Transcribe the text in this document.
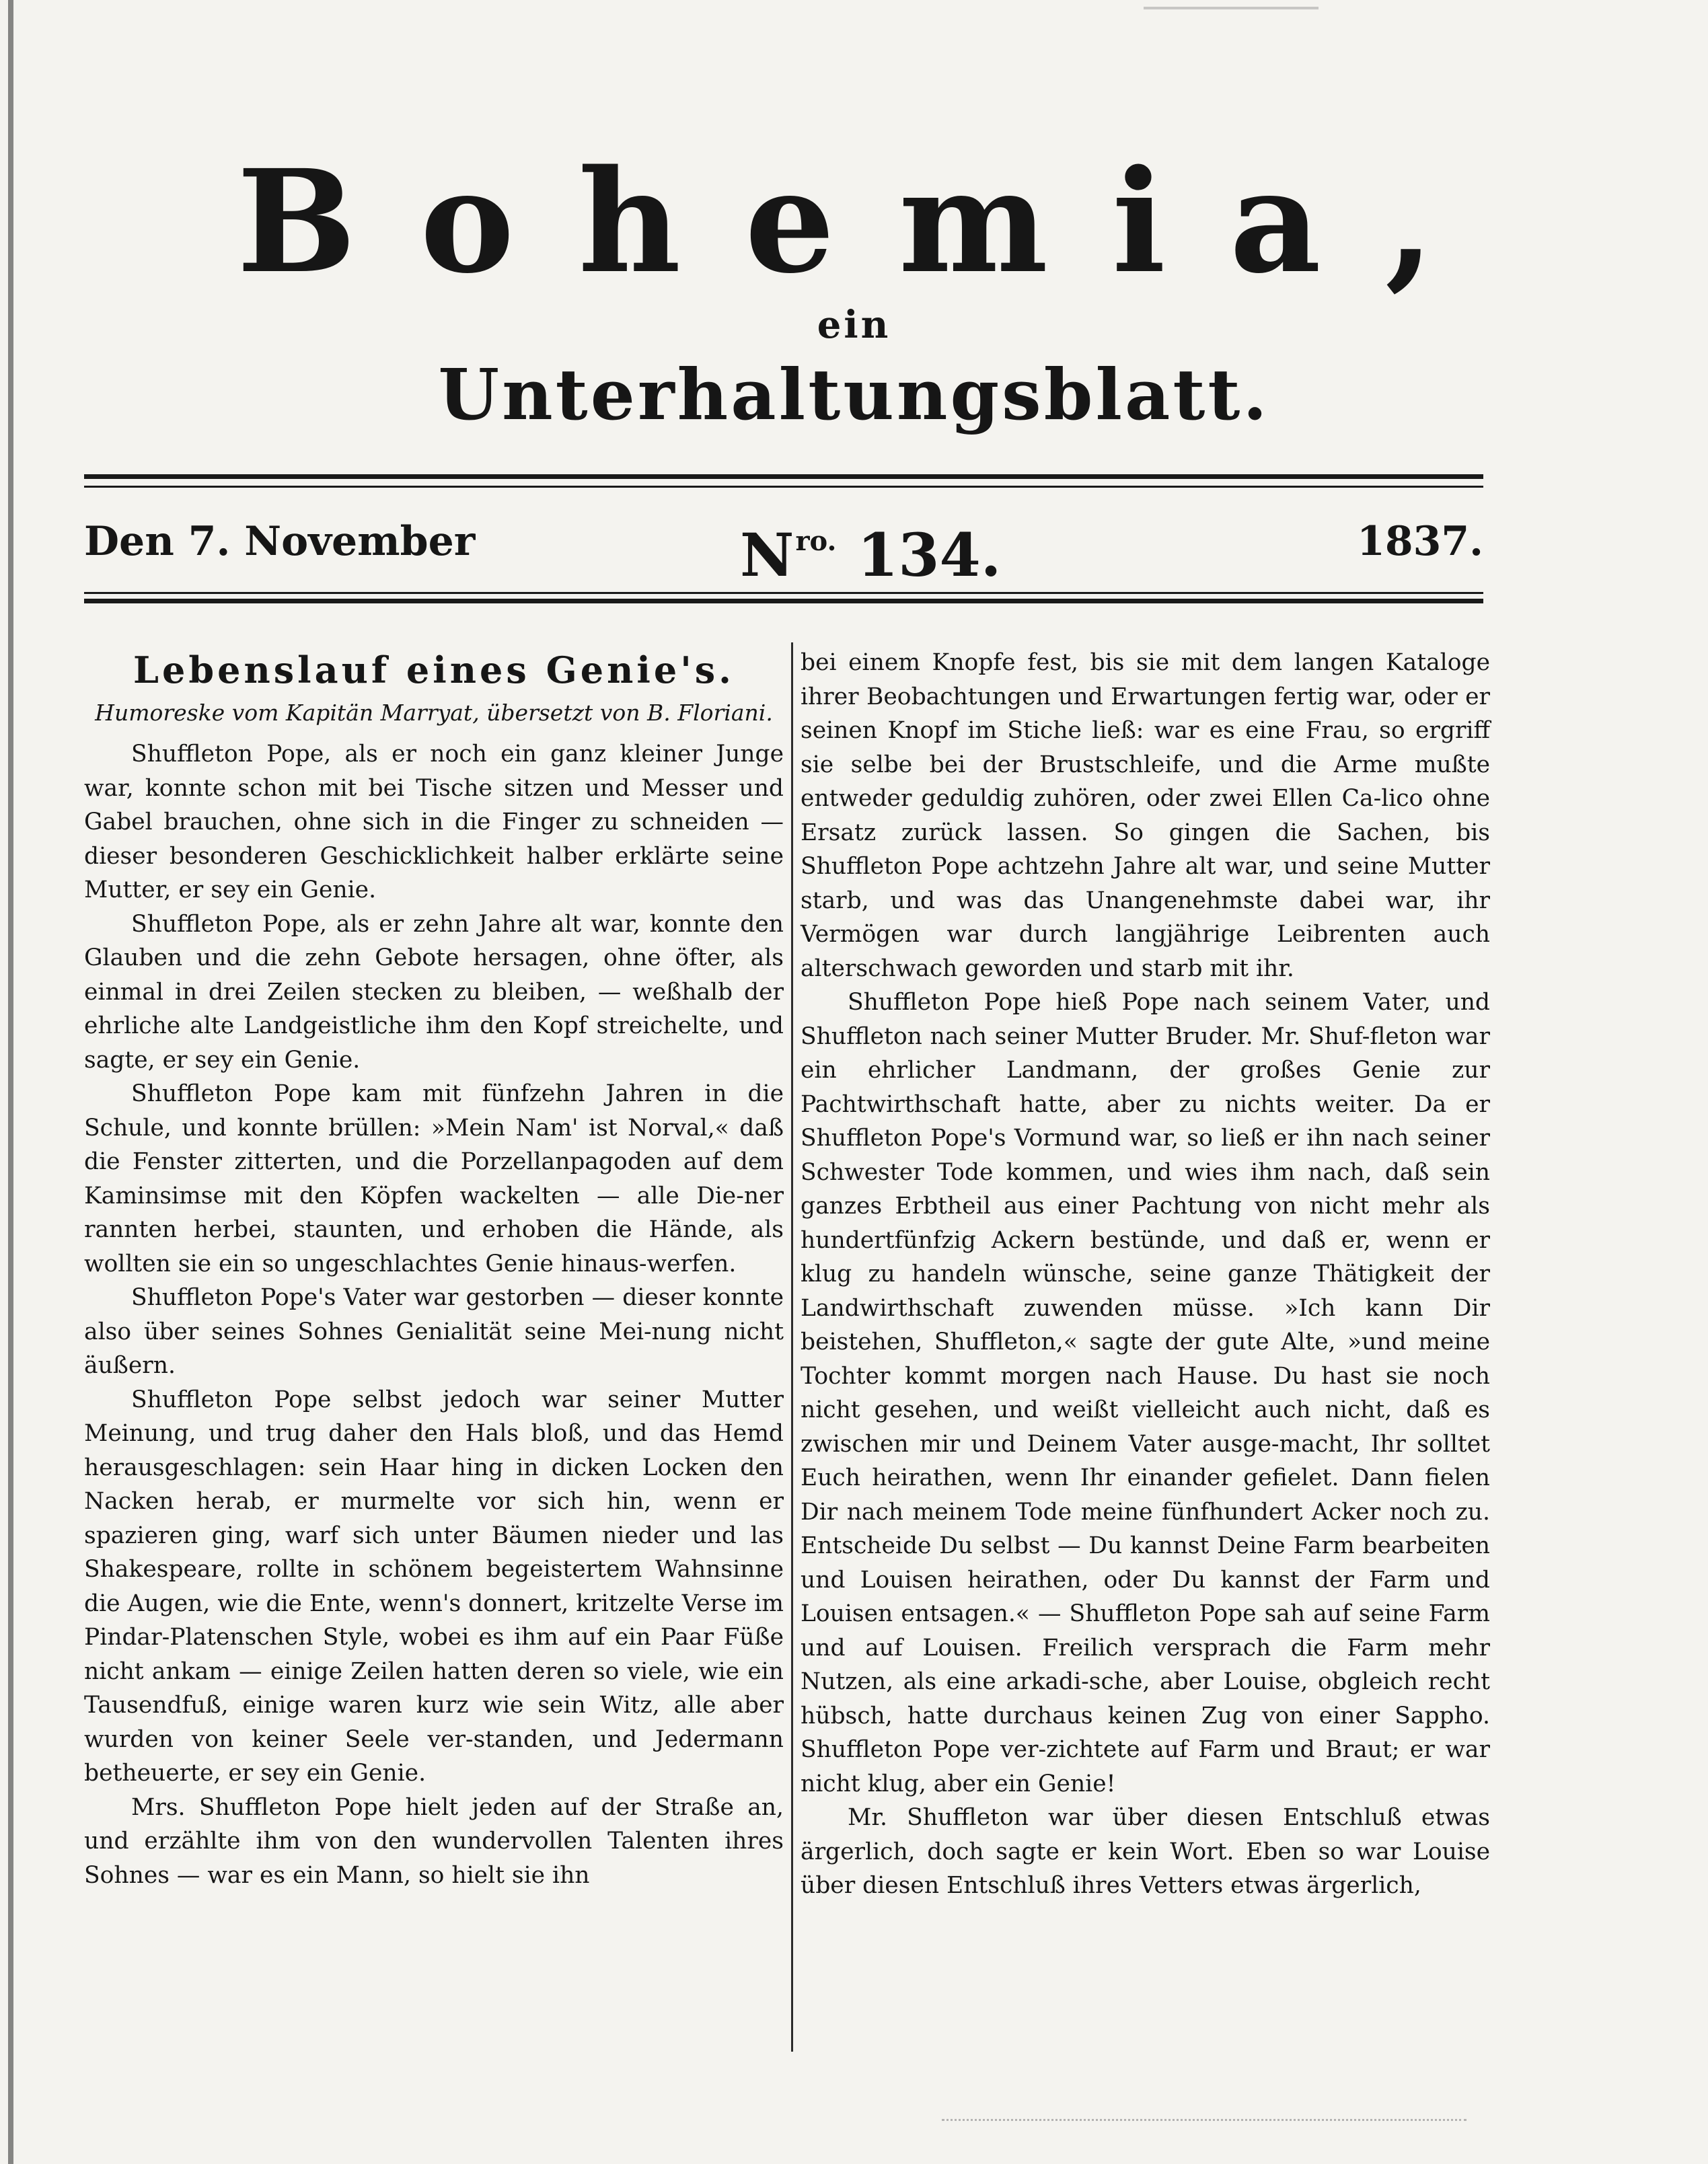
Bohemia,
ein
Unterhaltungsblatt.
Den 7. November	$N^{ro.}$ 134.	1837.

Lebenslauf eines Genie's.

Humoreske vom Kapitän Marryat, übersetzt von B. Floriani.

Shuffleton Pope, als er noch ein ganz kleiner Junge war, konnte schon mit bei Tische sitzen und Messer und Gabel brauchen, ohne sich in die Finger zu schneiden — dieser besonderen Geschicklichkeit halber erklärte seine Mutter, er sey ein Genie.

Shuffleton Pope, als er zehn Jahre alt war, konnte den Glauben und die zehn Gebote hersagen, ohne öfter, als einmal in drei Zeilen stecken zu bleiben, — weßhalb der ehrliche alte Landgeistliche ihm den Kopf streichelte, und sagte, er sey ein Genie.

Shuffleton Pope kam mit fünfzehn Jahren in die Schule, und konnte brüllen: »Mein Nam' ist Norval,« daß die Fenster zitterten, und die Porzellanpagoden auf dem Kaminsimse mit den Köpfen wackelten — alle Die-ner rannten herbei, staunten, und erhoben die Hände, als wollten sie ein so ungeschlachtes Genie hinaus-werfen.

Shuffleton Pope's Vater war gestorben — dieser konnte also über seines Sohnes Genialität seine Mei-nung nicht äußern.

Shuffleton Pope selbst jedoch war seiner Mutter Meinung, und trug daher den Hals bloß, und das Hemd herausgeschlagen: sein Haar hing in dicken Locken den Nacken herab, er murmelte vor sich hin, wenn er spazieren ging, warf sich unter Bäumen nieder und las Shakespeare, rollte in schönem begeistertem Wahnsinne die Augen, wie die Ente, wenn's donnert, kritzelte Verse im Pindar-Platenschen Style, wobei es ihm auf ein Paar Füße nicht ankam — einige Zeilen hatten deren so viele, wie ein Tausendfuß, einige waren kurz wie sein Witz, alle aber wurden von keiner Seele ver-standen, und Jedermann betheuerte, er sey ein Genie.

Mrs. Shuffleton Pope hielt jeden auf der Straße an, und erzählte ihm von den wundervollen Talenten ihres Sohnes — war es ein Mann, so hielt sie ihn

bei einem Knopfe fest, bis sie mit dem langen Kataloge ihrer Beobachtungen und Erwartungen fertig war, oder er seinen Knopf im Stiche ließ: war es eine Frau, so ergriff sie selbe bei der Brustschleife, und die Arme mußte entweder geduldig zuhören, oder zwei Ellen Ca-lico ohne Ersatz zurück lassen. So gingen die Sachen, bis Shuffleton Pope achtzehn Jahre alt war, und seine Mutter starb, und was das Unangenehmste dabei war, ihr Vermögen war durch langjährige Leibrenten auch alterschwach geworden und starb mit ihr.

Shuffleton Pope hieß Pope nach seinem Vater, und Shuffleton nach seiner Mutter Bruder. Mr. Shuf-fleton war ein ehrlicher Landmann, der großes Genie zur Pachtwirthschaft hatte, aber zu nichts weiter. Da er Shuffleton Pope's Vormund war, so ließ er ihn nach seiner Schwester Tode kommen, und wies ihm nach, daß sein ganzes Erbtheil aus einer Pachtung von nicht mehr als hundertfünfzig Ackern bestünde, und daß er, wenn er klug zu handeln wünsche, seine ganze Thätigkeit der Landwirthschaft zuwenden müsse. »Ich kann Dir beistehen, Shuffleton,« sagte der gute Alte, »und meine Tochter kommt morgen nach Hause. Du hast sie noch nicht gesehen, und weißt vielleicht auch nicht, daß es zwischen mir und Deinem Vater ausge-macht, Ihr solltet Euch heirathen, wenn Ihr einander gefielet. Dann fielen Dir nach meinem Tode meine fünfhundert Acker noch zu. Entscheide Du selbst — Du kannst Deine Farm bearbeiten und Louisen heirathen, oder Du kannst der Farm und Louisen entsagen.« — Shuffleton Pope sah auf seine Farm und auf Louisen. Freilich versprach die Farm mehr Nutzen, als eine arkadi-sche, aber Louise, obgleich recht hübsch, hatte durchaus keinen Zug von einer Sappho. Shuffleton Pope ver-zichtete auf Farm und Braut; er war nicht klug, aber ein Genie!

Mr. Shuffleton war über diesen Entschluß etwas ärgerlich, doch sagte er kein Wort. Eben so war Louise über diesen Entschluß ihres Vetters etwas ärgerlich,
